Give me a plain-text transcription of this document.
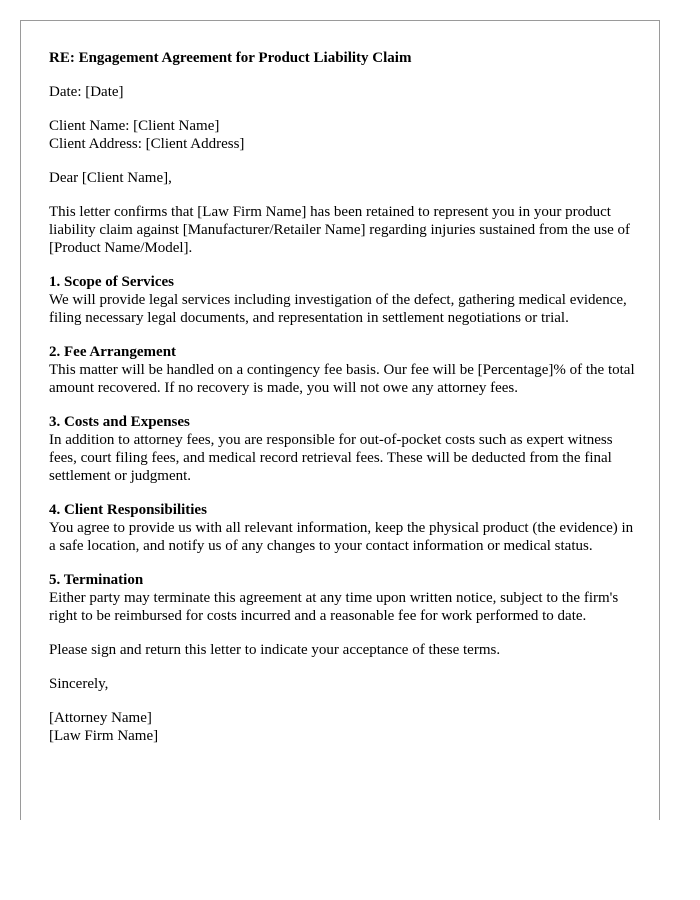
RE: Engagement Agreement for Product Liability Claim

Date: [Date]

Client Name: [Client Name]
Client Address: [Client Address]

Dear [Client Name],

This letter confirms that [Law Firm Name] has been retained to represent you in your product liability claim against [Manufacturer/Retailer Name] regarding injuries sustained from the use of [Product Name/Model].

1. Scope of Services
We will provide legal services including investigation of the defect, gathering medical evidence, filing necessary legal documents, and representation in settlement negotiations or trial.
2. Fee Arrangement
This matter will be handled on a contingency fee basis. Our fee will be [Percentage]% of the total amount recovered. If no recovery is made, you will not owe any attorney fees.
3. Costs and Expenses
In addition to attorney fees, you are responsible for out-of-pocket costs such as expert witness fees, court filing fees, and medical record retrieval fees. These will be deducted from the final settlement or judgment.
4. Client Responsibilities
You agree to provide us with all relevant information, keep the physical product (the evidence) in a safe location, and notify us of any changes to your contact information or medical status.
5. Termination
Either party may terminate this agreement at any time upon written notice, subject to the firm's right to be reimbursed for costs incurred and a reasonable fee for work performed to date.

Please sign and return this letter to indicate your acceptance of these terms.

Sincerely,

[Attorney Name]
[Law Firm Name]
